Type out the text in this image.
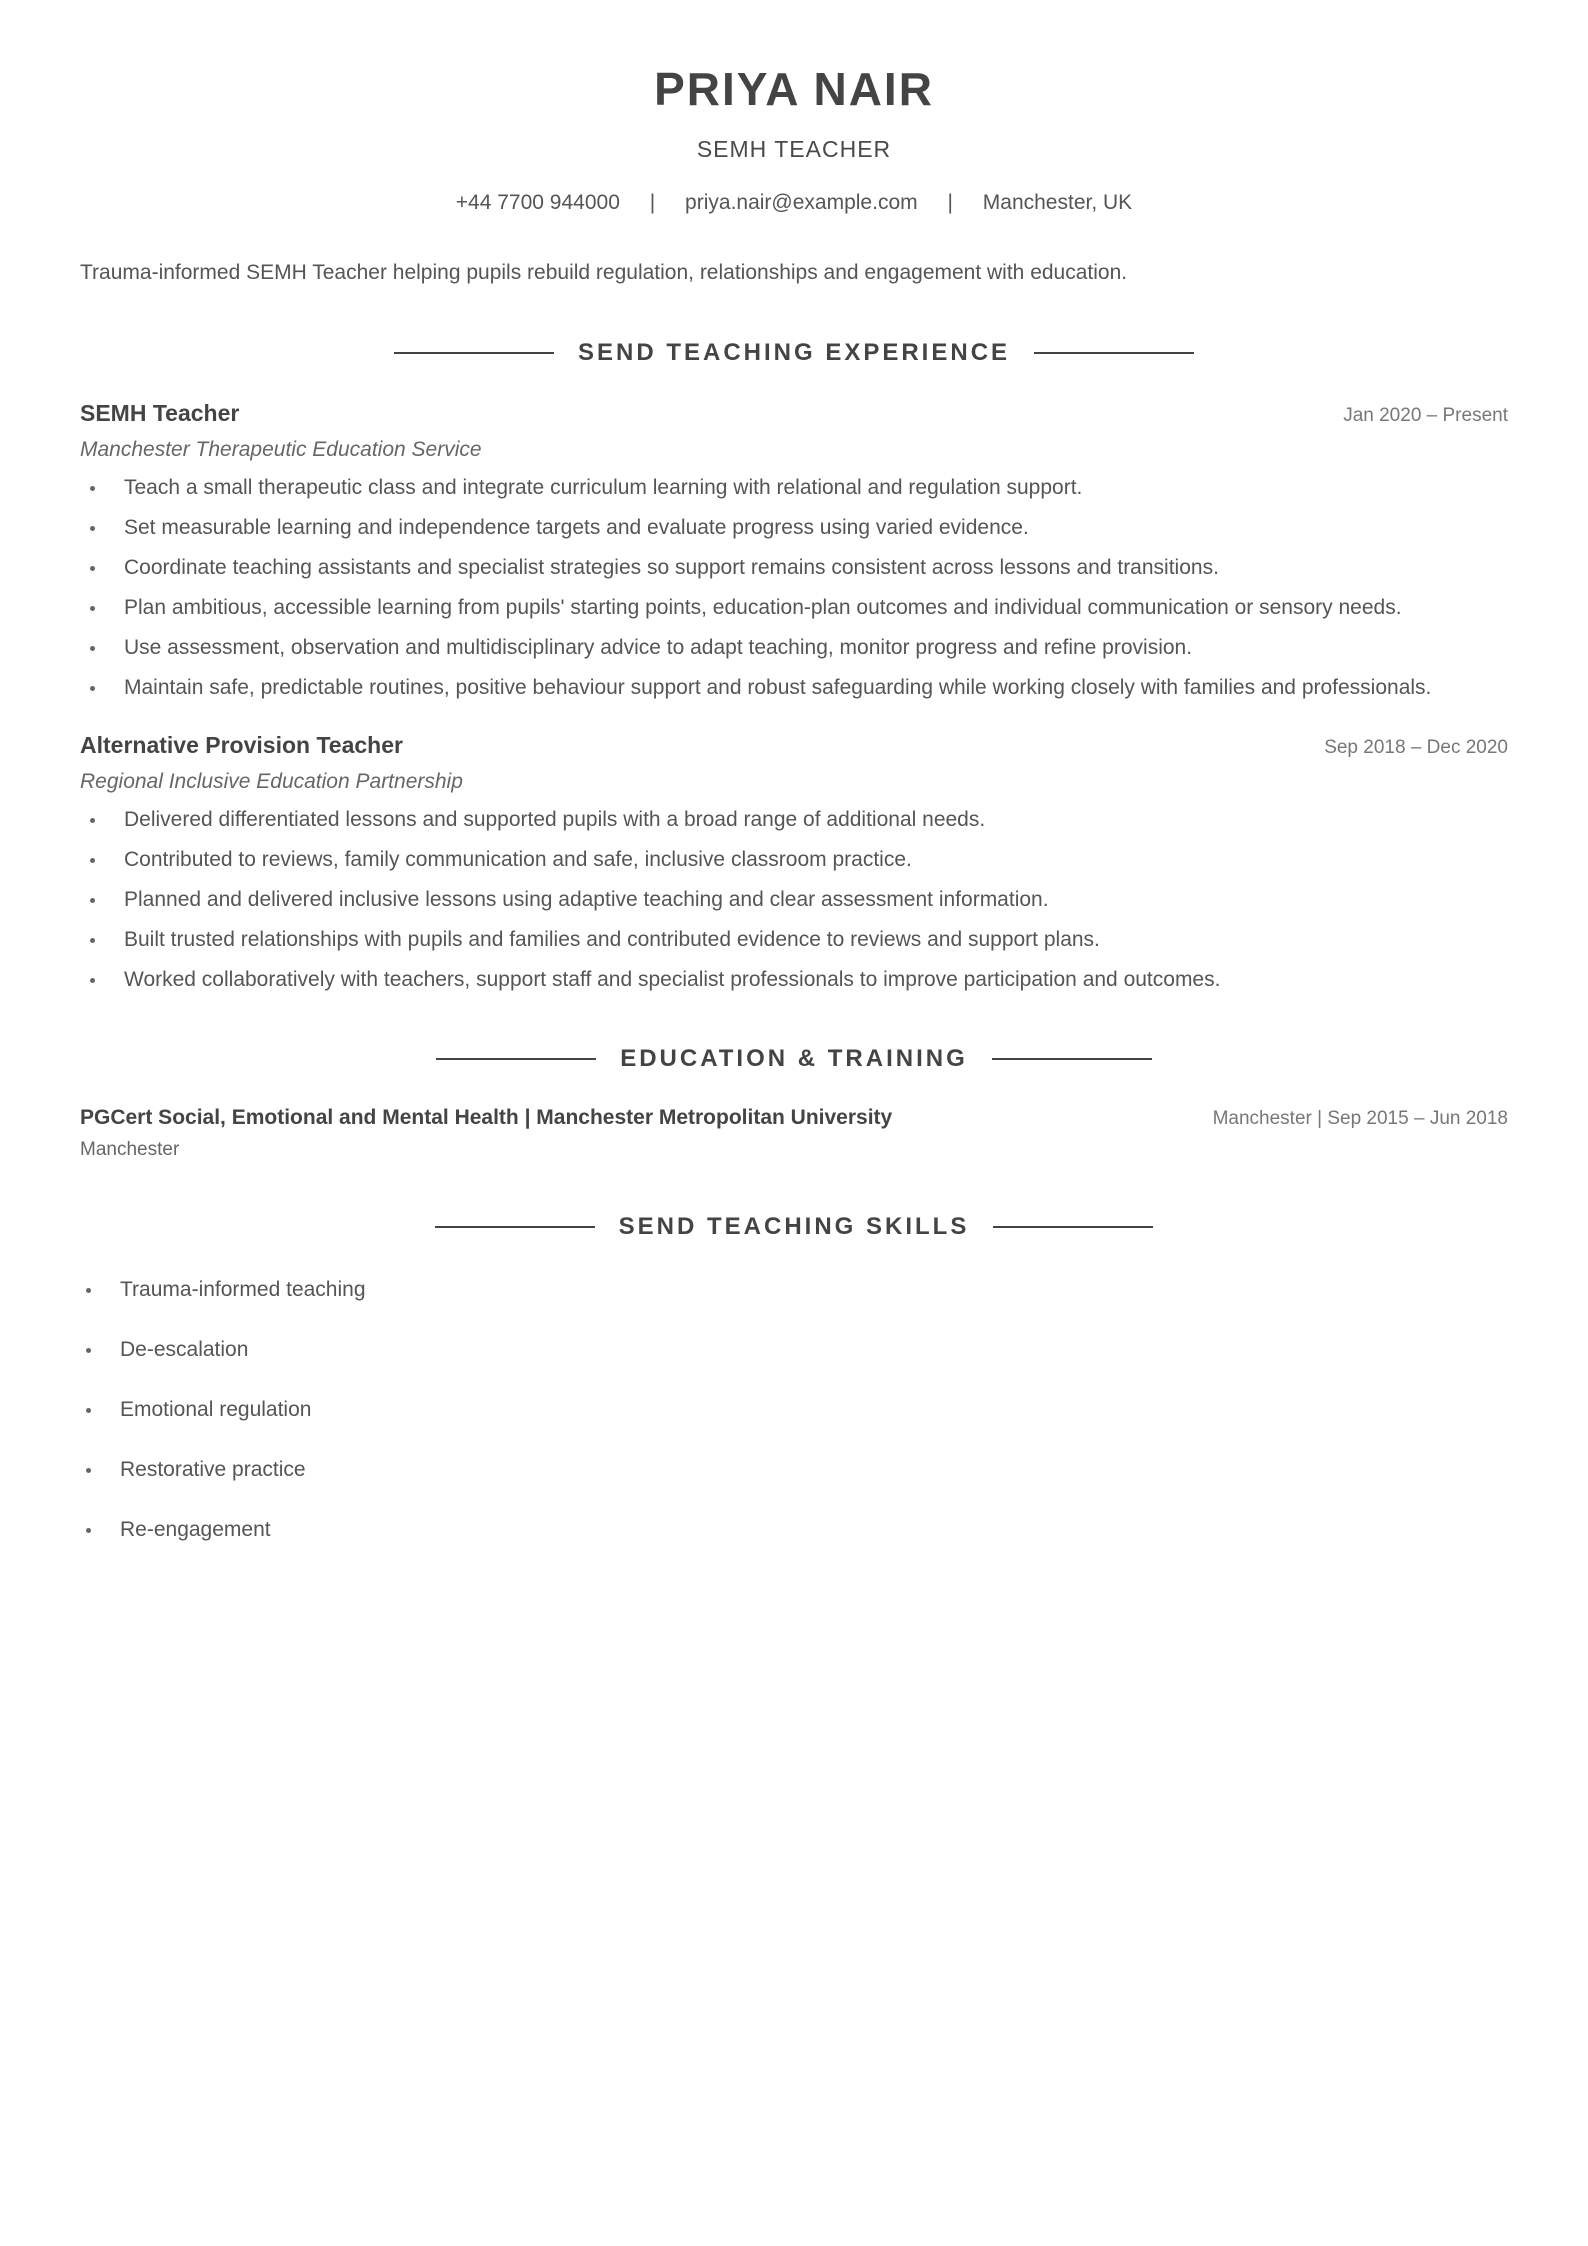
PRIYA NAIR
SEMH TEACHER
+44 7700 944000 | priya.nair@example.com | Manchester, UK
Trauma-informed SEMH Teacher helping pupils rebuild regulation, relationships and engagement with education.
SEND TEACHING EXPERIENCE
SEMH Teacher	Jan 2020 – Present
Manchester Therapeutic Education Service
Teach a small therapeutic class and integrate curriculum learning with relational and regulation support.
Set measurable learning and independence targets and evaluate progress using varied evidence.
Coordinate teaching assistants and specialist strategies so support remains consistent across lessons and transitions.
Plan ambitious, accessible learning from pupils' starting points, education-plan outcomes and individual communication or sensory needs.
Use assessment, observation and multidisciplinary advice to adapt teaching, monitor progress and refine provision.
Maintain safe, predictable routines, positive behaviour support and robust safeguarding while working closely with families and professionals.
Alternative Provision Teacher	Sep 2018 – Dec 2020
Regional Inclusive Education Partnership
Delivered differentiated lessons and supported pupils with a broad range of additional needs.
Contributed to reviews, family communication and safe, inclusive classroom practice.
Planned and delivered inclusive lessons using adaptive teaching and clear assessment information.
Built trusted relationships with pupils and families and contributed evidence to reviews and support plans.
Worked collaboratively with teachers, support staff and specialist professionals to improve participation and outcomes.
EDUCATION & TRAINING
PGCert Social, Emotional and Mental Health | Manchester Metropolitan University	Manchester | Sep 2015 – Jun 2018
Manchester
SEND TEACHING SKILLS
Trauma-informed teaching
De-escalation
Emotional regulation
Restorative practice
Re-engagement
